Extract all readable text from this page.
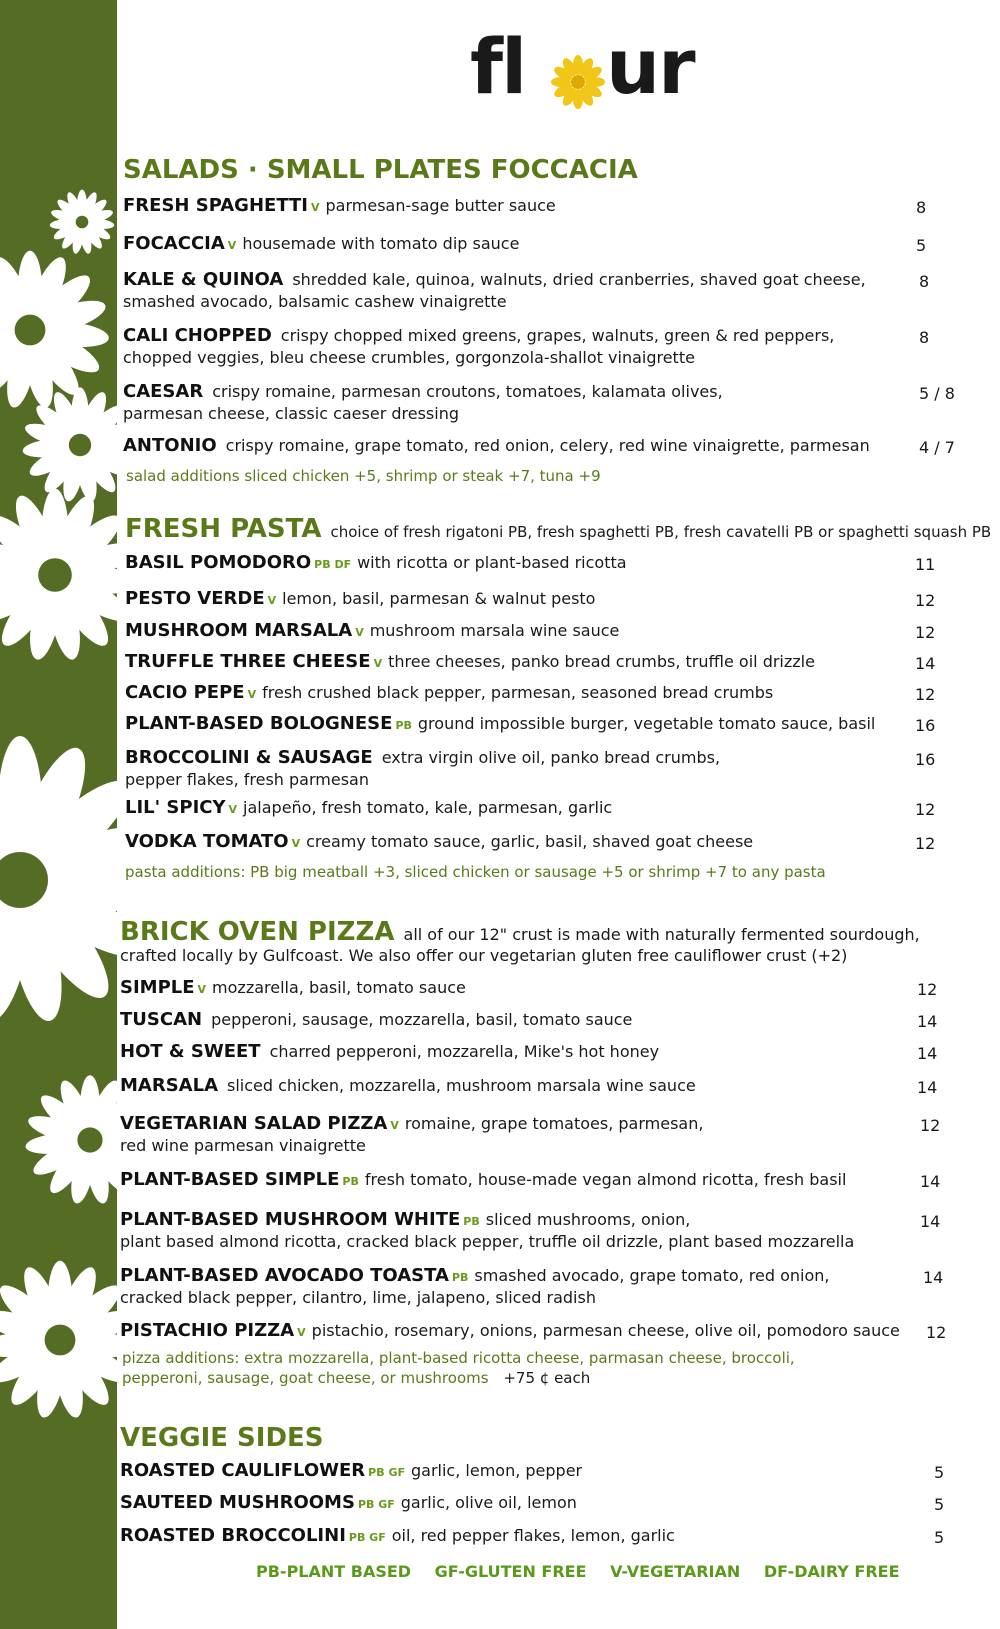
fl ur
SALADS · SMALL PLATES FOCCACIA
FRESH SPAGHETTI V parmesan-sage butter sauce	8
FOCACCIA V housemade with tomato dip sauce	5
KALE & QUINOA shredded kale, quinoa, walnuts, dried cranberries, shaved goat cheese,
smashed avocado, balsamic cashew vinaigrette
8
CALI CHOPPED crispy chopped mixed greens, grapes, walnuts, green & red peppers,
chopped veggies, bleu cheese crumbles, gorgonzola-shallot vinaigrette
8
CAESAR crispy romaine, parmesan croutons, tomatoes, kalamata olives,
parmesan cheese, classic caeser dressing
5 / 8
ANTONIO crispy romaine, grape tomato, red onion, celery, red wine vinaigrette, parmesan	4 / 7
salad additions sliced chicken +5, shrimp or steak +7, tuna +9
FRESH PASTA choice of fresh rigatoni PB, fresh spaghetti PB, fresh cavatelli PB or spaghetti squash PB
BASIL POMODORO PB DF with ricotta or plant-based ricotta	11
PESTO VERDE V lemon, basil, parmesan & walnut pesto	12
MUSHROOM MARSALA V mushroom marsala wine sauce	12
TRUFFLE THREE CHEESE V three cheeses, panko bread crumbs, truffle oil drizzle	14
CACIO PEPE V fresh crushed black pepper, parmesan, seasoned bread crumbs	12
PLANT-BASED BOLOGNESE PB ground impossible burger, vegetable tomato sauce, basil 16
BROCCOLINI & SAUSAGE extra virgin olive oil, panko bread crumbs,
pepper flakes, fresh parmesan
16
LIL' SPICY V jalapeño, fresh tomato, kale, parmesan, garlic	12
VODKA TOMATO V creamy tomato sauce, garlic, basil, shaved goat cheese	12
pasta additions: PB big meatball +3, sliced chicken or sausage +5 or shrimp +7 to any pasta
BRICK OVEN PIZZA all of our 12" crust is made with naturally fermented sourdough,
crafted locally by Gulfcoast. We also offer our vegetarian gluten free cauliflower crust (+2)
SIMPLE V mozzarella, basil, tomato sauce	12
TUSCAN pepperoni, sausage, mozzarella, basil, tomato sauce	14
HOT & SWEET charred pepperoni, mozzarella, Mike's hot honey	14
MARSALA sliced chicken, mozzarella, mushroom marsala wine sauce	14
VEGETARIAN SALAD PIZZA V romaine, grape tomatoes, parmesan,
red wine parmesan vinaigrette
12
PLANT-BASED SIMPLE PB fresh tomato, house-made vegan almond ricotta, fresh basil	14
PLANT-BASED MUSHROOM WHITE PB sliced mushrooms, onion,
plant based almond ricotta, cracked black pepper, truffle oil drizzle, plant based mozzarella
14
PLANT-BASED AVOCADO TOASTA PB smashed avocado, grape tomato, red onion,
cracked black pepper, cilantro, lime, jalapeno, sliced radish
14
PISTACHIO PIZZA V pistachio, rosemary, onions, parmesan cheese, olive oil, pomodoro sauce 12
pizza additions: extra mozzarella, plant-based ricotta cheese, parmasan cheese, broccoli,
pepperoni, sausage, goat cheese, or mushrooms +75 ¢ each
VEGGIE SIDES
ROASTED CAULIFLOWER PB GF garlic, lemon, pepper	5
SAUTEED MUSHROOMS PB GF garlic, olive oil, lemon	5
ROASTED BROCCOLINI PB GF oil, red pepper flakes, lemon, garlic	5
PB-PLANT BASED GF-GLUTEN FREE V-VEGETARIAN DF-DAIRY FREE
